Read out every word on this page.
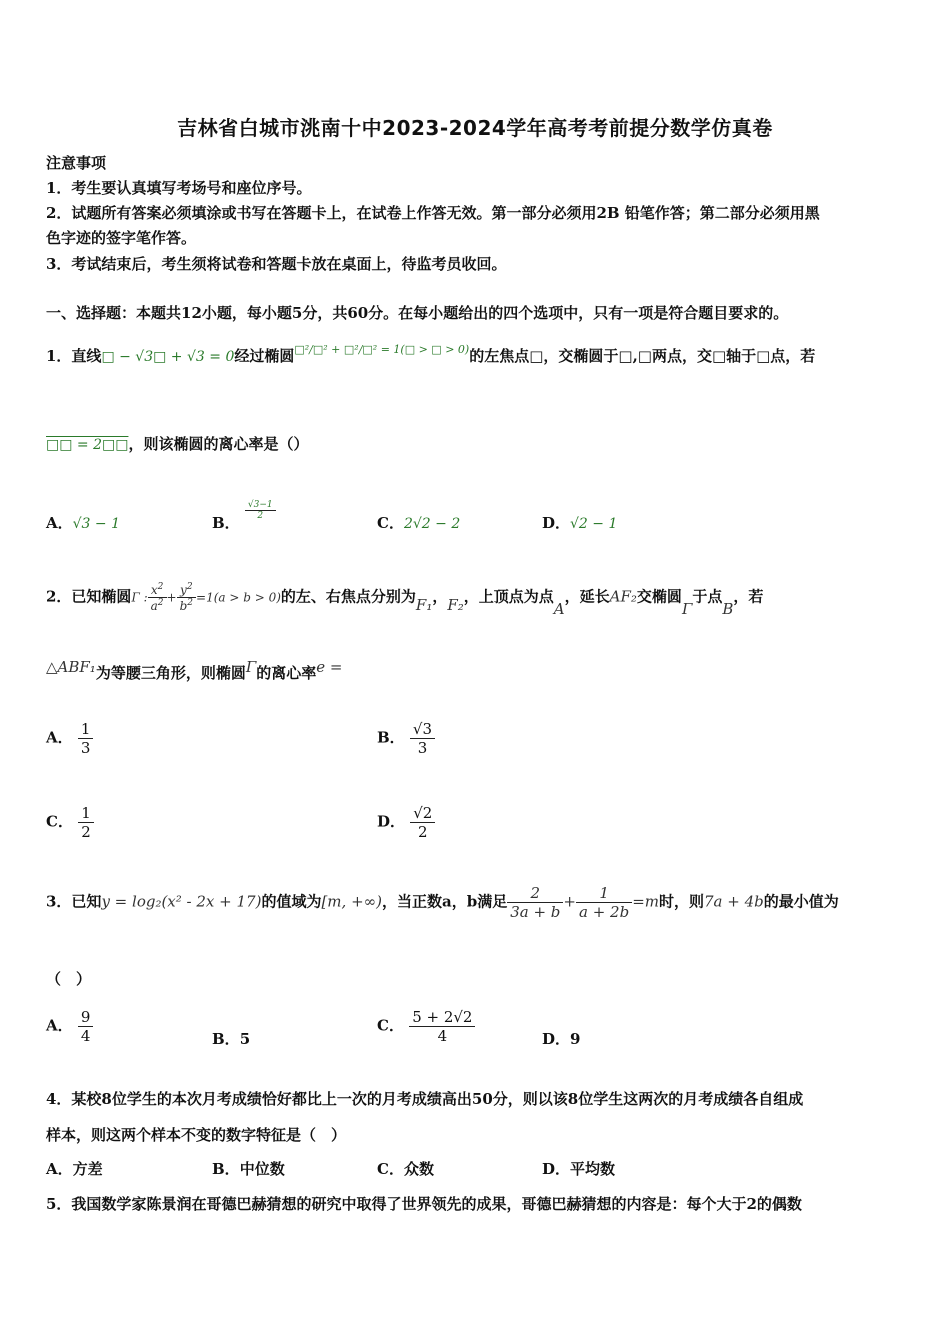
吉林省白城市洮南十中2023-2024学年高考考前提分数学仿真卷
注意事项
1．考生要认真填写考场号和座位序号。
2．试题所有答案必须填涂或书写在答题卡上，在试卷上作答无效。第一部分必须用2B 铅笔作答；第二部分必须用黑
色字迹的签字笔作答。
3．考试结束后，考生须将试卷和答题卡放在桌面上，待监考员收回。
一、选择题：本题共12小题，每小题5分，共60分。在每小题给出的四个选项中，只有一项是符合题目要求的。
1．直线□ − √3□ + √3 = 0经过椭圆$^{□^2/□^2 + □^2/□^2 = 1(□ > □ > 0)}$的左焦点□，交椭圆于□,□两点，交□轴于□点，若
□□ = 2□□，则该椭圆的离心率是（）
A．√3 − 1	B．
$\frac{√3-1}{2}$
C．2√2 − 2	D．√2 − 1
2．已知椭圆Γ : $\frac{x^2}{a^2} + \frac{y^2}{b^2} =1(a > b > 0)$的左、右焦点分别为F₁，F₂，上顶点为点A，延长AF₂交椭圆Γ于点B，若
△ABF₁为等腰三角形，则椭圆Γ的离心率e =
A． $\frac{1}{3}$	B． $\frac{√3}{3}$
C． $\frac{1}{2}$	D． $\frac{√2}{2}$
3．已知y = log₂(x² - 2x + 17)的值域为[m, +∞)，当正数a，b满足 $\frac{2}{3a + b} + \frac{1}{a + 2b} =m$时，则7a + 4b的最小值为
（　）
A． $\frac{9}{4}$	B．5
C． $\frac{5 + 2√2}{4}$	D．9
4．某校8位学生的本次月考成绩恰好都比上一次的月考成绩高出50分，则以该8位学生这两次的月考成绩各自组成
样本，则这两个样本不变的数字特征是（　）
A．方差	B．中位数	C．众数	D．平均数
5．我国数学家陈景润在哥德巴赫猜想的研究中取得了世界领先的成果，哥德巴赫猜想的内容是：每个大于2的偶数
